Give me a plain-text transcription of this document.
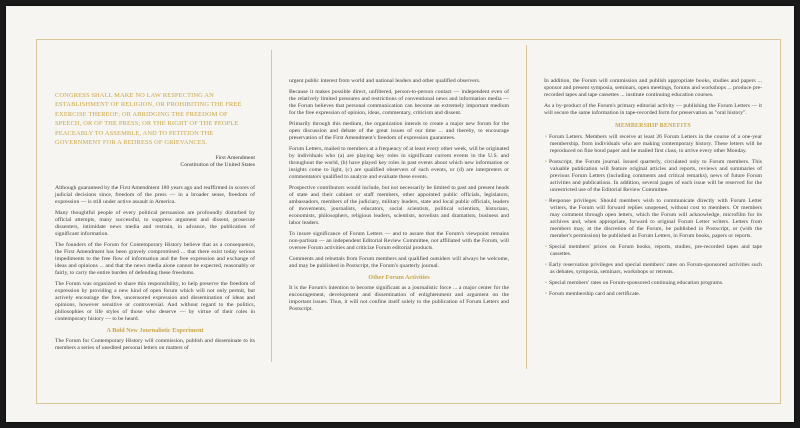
CONGRESS SHALL MAKE NO LAW RESPECTING AN ESTABLISHMENT OF RELIGION, OR PROHIBITING THE FREE EXERCISE THEREOF; OR ABRIDGING THE FREEDOM OF SPEECH, OR OF THE PRESS; OR THE RIGHT OF THE PEOPLE PEACEABLY TO ASSEMBLE, AND TO PETITION THE GOVERNMENT FOR A REDRESS OF GRIEVANCES.

First Amendment

Constitution of the United States

Although guaranteed by the First Amendment 180 years ago and reaffirmed in scores of judicial decisions since, freedom of the press — in a broader sense, freedom of expression — is still under active assault in America.

Many thoughtful people of every political persuasion are profoundly disturbed by official attempts, many successful, to suppress argument and dissent, prosecute dissenters, intimidate news media and restrain, in advance, the publication of significant information.

The founders of the Forum for Contemporary History believe that as a consequence, the First Amendment has been gravely compromised ... that there exist today serious impediments to the free flow of information and the free expression and exchange of ideas and opinions ... and that the news media alone cannot be expected, reasonably or fairly, to carry the entire burden of defending these freedoms.

The Forum was organized to share this responsibility, to help preserve the freedom of expression by providing a new kind of open forum which will not only permit, but actively encourage the free, uncensored expression and dissemination of ideas and opinions, however sensitive or controversial. And without regard to the politics, philosophies or life styles of those who deserve — by virtue of their roles in contemporary history — to be heard.

A Bold New Journalistic Experiment

The Forum for Contemporary History will commission, publish and disseminate to its members a series of unedited personal letters on matters of

urgent public interest from world and national leaders and other qualified observers.

Because it makes possible direct, unfiltered, person-to-person contact — independent even of the relatively limited pressures and restrictions of conventional news and information media — the Forum believes that personal communication can become an extremely important medium for the free expression of opinion, ideas, commentary, criticism and dissent.

Primarily through this medium, the organization intends to create a major new forum for the open discussion and debate of the great issues of our time ... and thereby, to encourage preservation of the First Amendment's freedom of expression guarantees.

Forum Letters, mailed to members at a frequency of at least every other week, will be originated by individuals who (a) are playing key roles in significant current events in the U.S. and throughout the world, (b) have played key roles in past events about which new information or insights come to light, (c) are qualified observers of such events, or (d) are interpreters or commentators qualified to analyze and evaluate these events.

Prospective contributors would include, but not necessarily be limited to past and present heads of state and their cabinet or staff members, other appointed public officials, legislators, ambassadors, members of the judiciary, military leaders, state and local public officials, leaders of movements, journalists, educators, social scientists, political scientists, historians, economists, philosophers, religious leaders, scientists, novelists and dramatists, business and labor leaders.

To insure significance of Forum Letters — and to assure that the Forum's viewpoint remains non-partisan — an independent Editorial Review Committee, not affiliated with the Forum, will oversee Forum activities and criticize Forum editorial products.

Comments and rebuttals from Forum members and qualified outsiders will always be welcome, and may be published in Postscript, the Forum's quarterly journal.

Other Forum Activities

It is the Forum's intention to become significant as a journalistic force ... a major center for the encouragement, development and dissemination of enlightenment and argument on the important issues. Thus, it will not confine itself solely to the publication of Forum Letters and Postscript.

In addition, the Forum will commission and publish appropriate books, studies and papers ... sponsor and present symposia, seminars, open meetings, forums and workshops ... produce pre-recorded tapes and tape cassettes ... institute continuing education courses.

As a by-product of the Forum's primary editorial activity — publishing the Forum Letters — it will secure the same information in tape-recorded form for preservation as "oral history".

MEMBERSHIP BENEFITS

• Forum Letters. Members will receive at least 26 Forum Letters in the course of a one-year membership, from individuals who are making contemporary history. These letters will be reproduced on fine bond paper and be mailed first class, to arrive every other Monday.

• Postscript, the Forum journal. Issued quarterly, circulated only to Forum members. This valuable publication will feature original articles and reports, reviews and summaries of previous Forum Letters (including comments and critical remarks), news of future Forum activities and publications. In addition, several pages of each issue will be reserved for the unrestricted use of the Editorial Review Committee.

• Response privileges. Should members wish to communicate directly with Forum Letter writers, the Forum will forward replies unopened, without cost to members. Or members may comment through open letters, which the Forum will acknowledge, microfilm for its archives and, when appropriate, forward to original Forum Letter writers. Letters from members may, at the discretion of the Forum, be published in Postscript, or (with the member's permission) be published as Forum Letters, in Forum books, papers or reports.

• Special members' prices on Forum books, reports, studies, pre-recorded tapes and tape cassettes.

• Early reservation privileges and special members' rates on Forum-sponsored activities such as debates, symposia, seminars, workshops or retreats.

• Special members' rates on Forum-sponsored continuing education programs.

• Forum membership card and certificate.
